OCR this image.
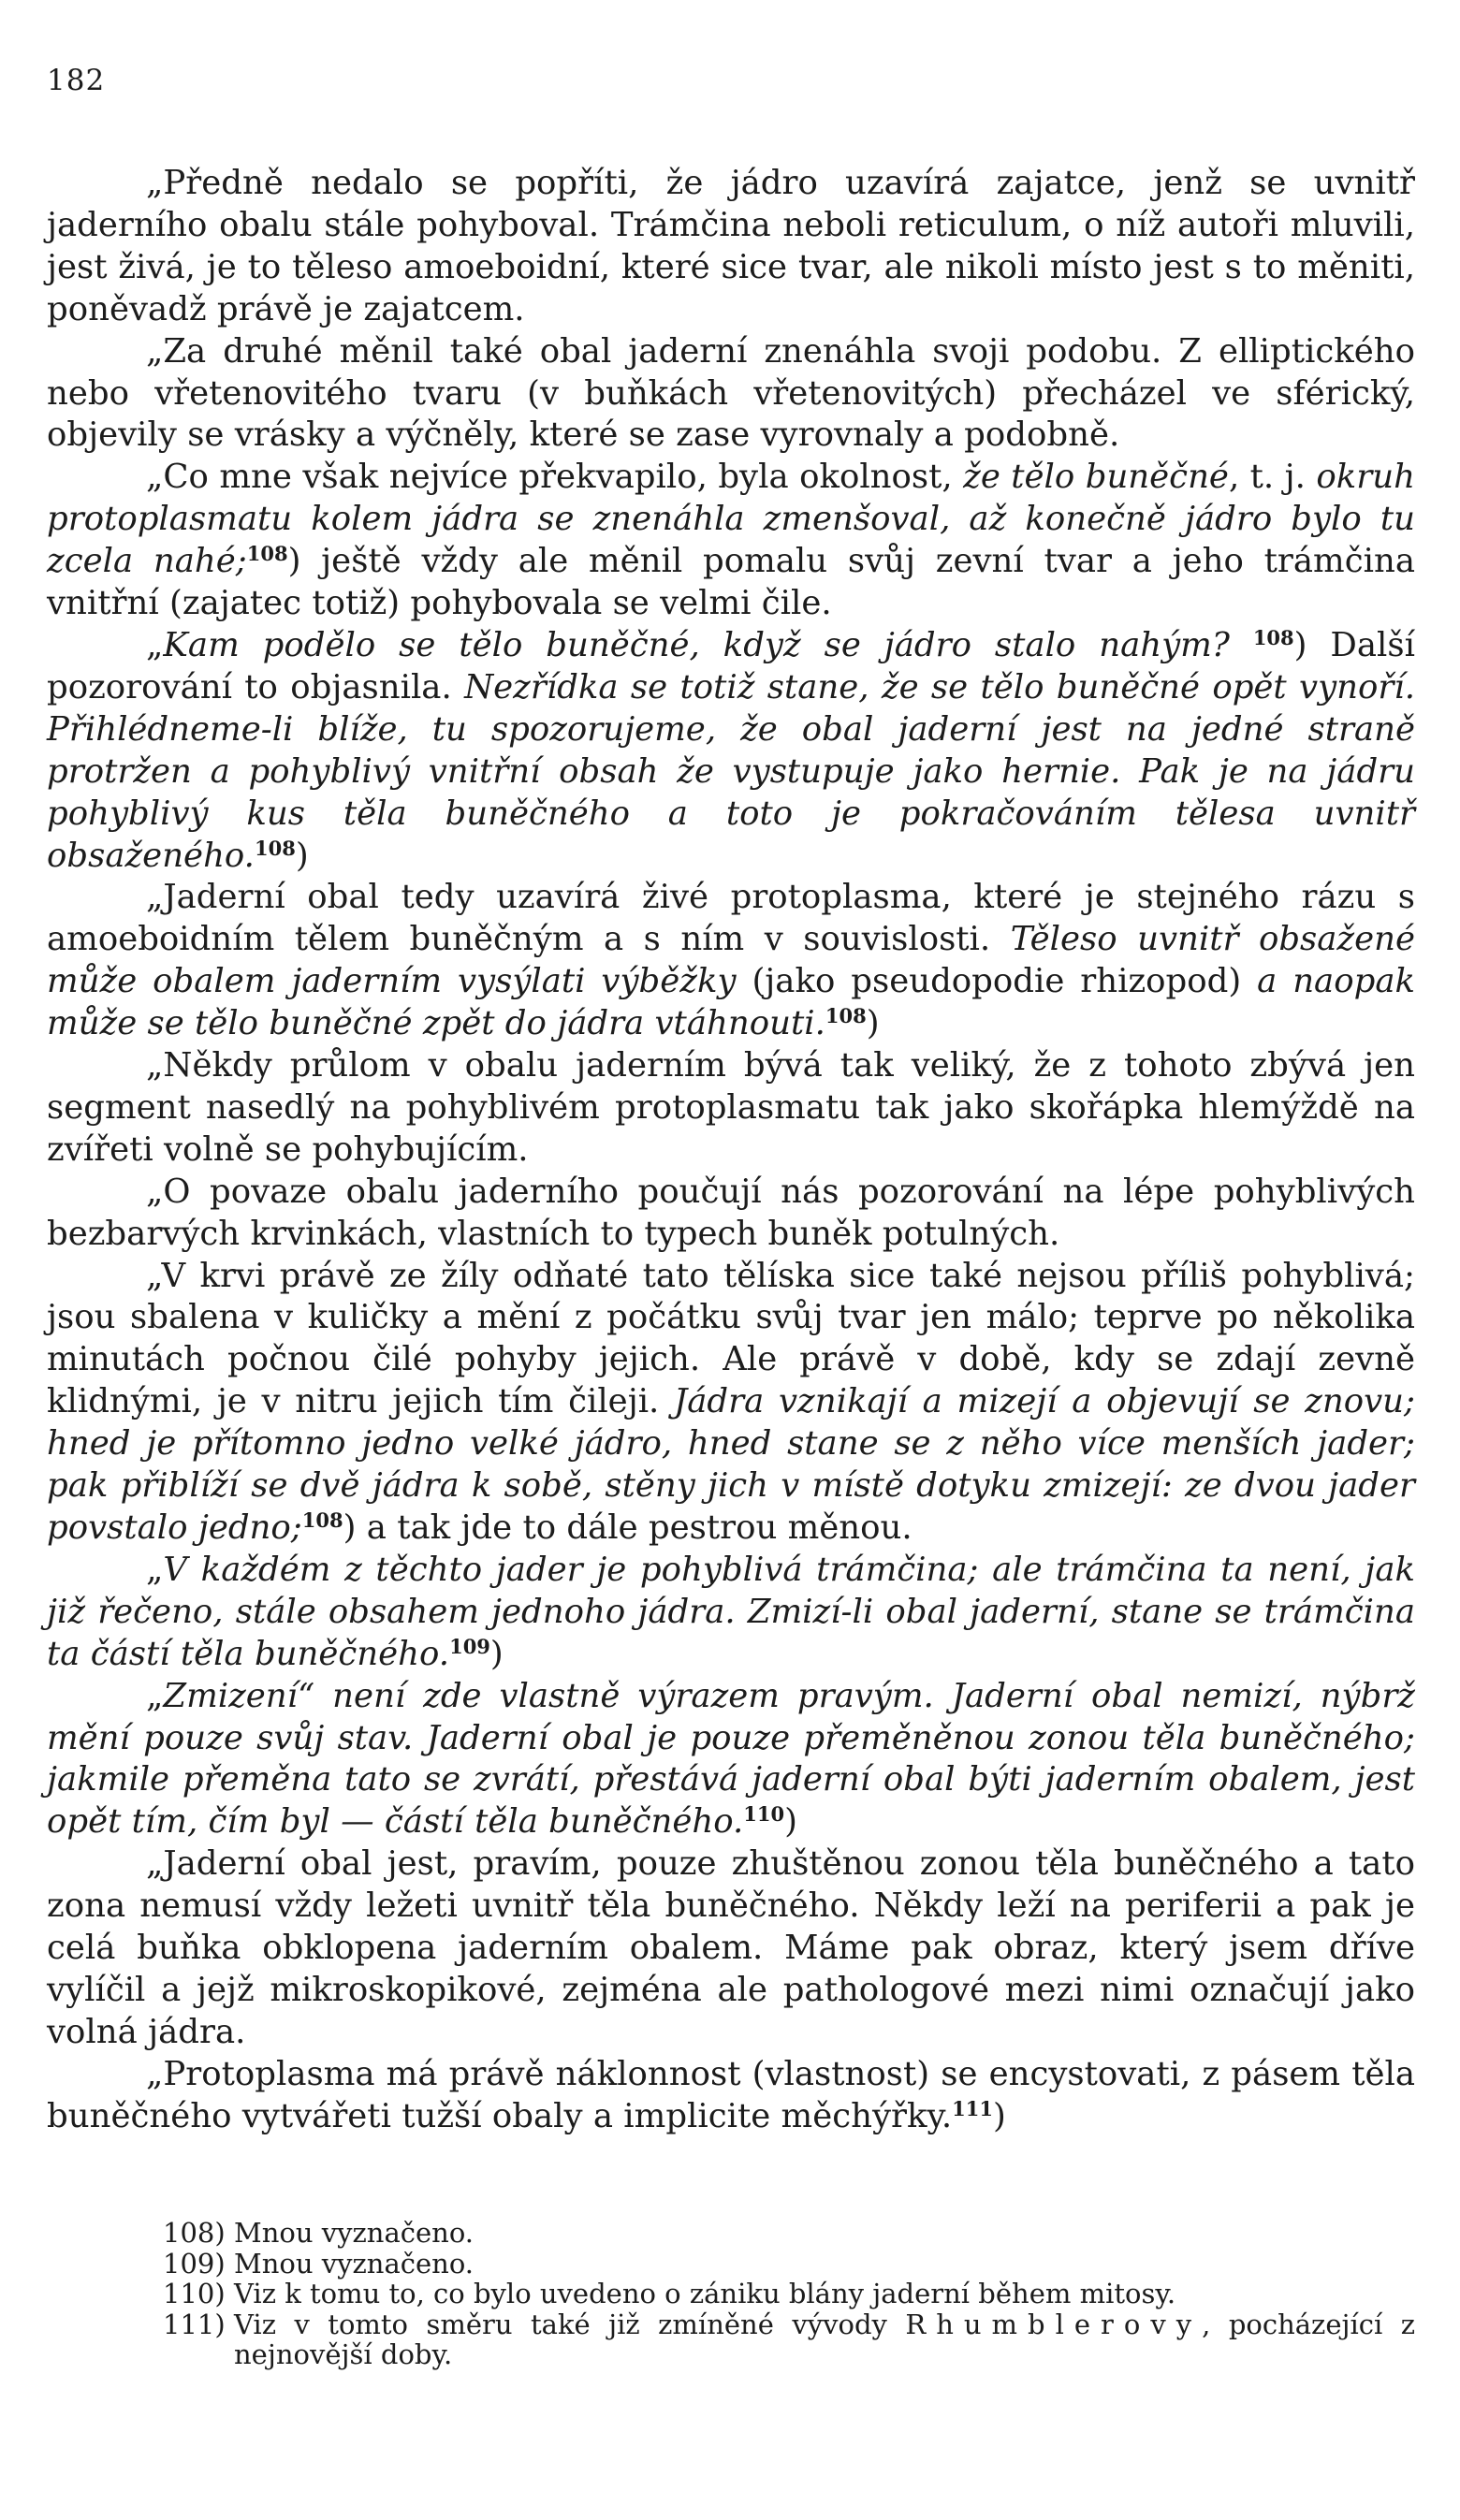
182

„Předně nedalo se popříti, že jádro uzavírá zajatce, jenž se uvnitř jaderního obalu stále pohyboval. Trámčina neboli reticulum, o níž autoři mluvili, jest živá, je to těleso amoeboidní, které sice tvar, ale nikoli místo jest s to měniti, poněvadž právě je zajatcem.

„Za druhé měnil také obal jaderní znenáhla svoji podobu. Z elliptického nebo vřetenovitého tvaru (v buňkách vřetenovitých) přecházel ve sférický, objevily se vrásky a výčněly, které se zase vyrovnaly a podobně.

„Co mne však nejvíce překvapilo, byla okolnost, že tělo buněčné, t. j. okruh protoplasmatu kolem jádra se znenáhla zmenšoval, až konečně jádro bylo tu zcela nahé;$^{108}$) ještě vždy ale měnil pomalu svůj zevní tvar a jeho trámčina vnitřní (zajatec totiž) pohybovala se velmi čile.

„Kam podělo se tělo buněčné, když se jádro stalo nahým? $^{108}$) Další pozorování to objasnila. Nezřídka se totiž stane, že se tělo buněčné opět vynoří. Přihlédneme-li blíže, tu spozorujeme, že obal jaderní jest na jedné straně protržen a pohyblivý vnitřní obsah že vystupuje jako hernie. Pak je na jádru pohyblivý kus těla buněčného a toto je pokračováním tělesa uvnitř obsaženého.$^{108}$)

„Jaderní obal tedy uzavírá živé protoplasma, které je stejného rázu s amoeboidním tělem buněčným a s ním v souvislosti. Těleso uvnitř obsažené může obalem jaderním vysýlati výběžky (jako pseudopodie rhizopod) a naopak může se tělo buněčné zpět do jádra vtáhnouti.$^{108}$)

„Někdy průlom v obalu jaderním bývá tak veliký, že z tohoto zbývá jen segment nasedlý na pohyblivém protoplasmatu tak jako skořápka hlemýždě na zvířeti volně se pohybujícím.

„O povaze obalu jaderního poučují nás pozorování na lépe pohyblivých bezbarvých krvinkách, vlastních to typech buněk potulných.

„V krvi právě ze žíly odňaté tato tělíska sice také nejsou příliš pohyblivá; jsou sbalena v kuličky a mění z počátku svůj tvar jen málo; teprve po několika minutách počnou čilé pohyby jejich. Ale právě v době, kdy se zdají zevně klidnými, je v nitru jejich tím čileji. Jádra vznikají a mizejí a objevují se znovu; hned je přítomno jedno velké jádro, hned stane se z něho více menších jader; pak přiblíží se dvě jádra k sobě, stěny jich v místě dotyku zmizejí: ze dvou jader povstalo jedno;$^{108}$) a tak jde to dále pestrou měnou.

„V každém z těchto jader je pohyblivá trámčina; ale trámčina ta není, jak již řečeno, stále obsahem jednoho jádra. Zmizí-li obal jaderní, stane se trámčina ta částí těla buněčného.$^{109}$)

„Zmizení“ není zde vlastně výrazem pravým. Jaderní obal nemizí, nýbrž mění pouze svůj stav. Jaderní obal je pouze přeměněnou zonou těla buněčného; jakmile přeměna tato se zvrátí, přestává jaderní obal býti jaderním obalem, jest opět tím, čím byl — částí těla buněčného.$^{110}$)

„Jaderní obal jest, pravím, pouze zhuštěnou zonou těla buněčného a tato zona nemusí vždy ležeti uvnitř těla buněčného. Někdy leží na periferii a pak je celá buňka obklopena jaderním obalem. Máme pak obraz, který jsem dříve vylíčil a jejž mikroskopikové, zejména ale pathologové mezi nimi označují jako volná jádra.

„Protoplasma má právě náklonnost (vlastnost) se encystovati, z pásem těla buněčného vytvářeti tužší obaly a implicite měchýřky.$^{111}$)

108) Mnou vyznačeno.

109) Mnou vyznačeno.

110) Viz k tomu to, co bylo uvedeno o zániku blány jaderní během mitosy.

111) Viz v tomto směru také již zmíněné vývody Rhumblerovy, pocházející z nejnovější doby.
